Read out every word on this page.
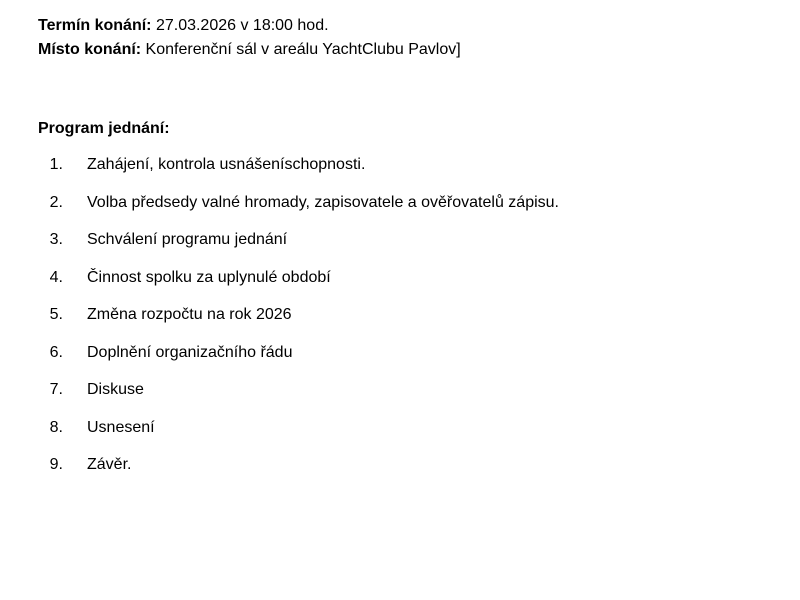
Termín konání: 27.03.2026 v 18:00 hod.
Místo konání: Konferenční sál v areálu YachtClubu Pavlov]
Program jednání:
1.	Zahájení, kontrola usnášeníschopnosti.
2.	Volba předsedy valné hromady, zapisovatele a ověřovatelů zápisu.
3.	Schválení programu jednání
4.	Činnost spolku za uplynulé období
5.	Změna rozpočtu na rok 2026
6.	Doplnění organizačního řádu
7.	Diskuse
8.	Usnesení
9.	Závěr.
